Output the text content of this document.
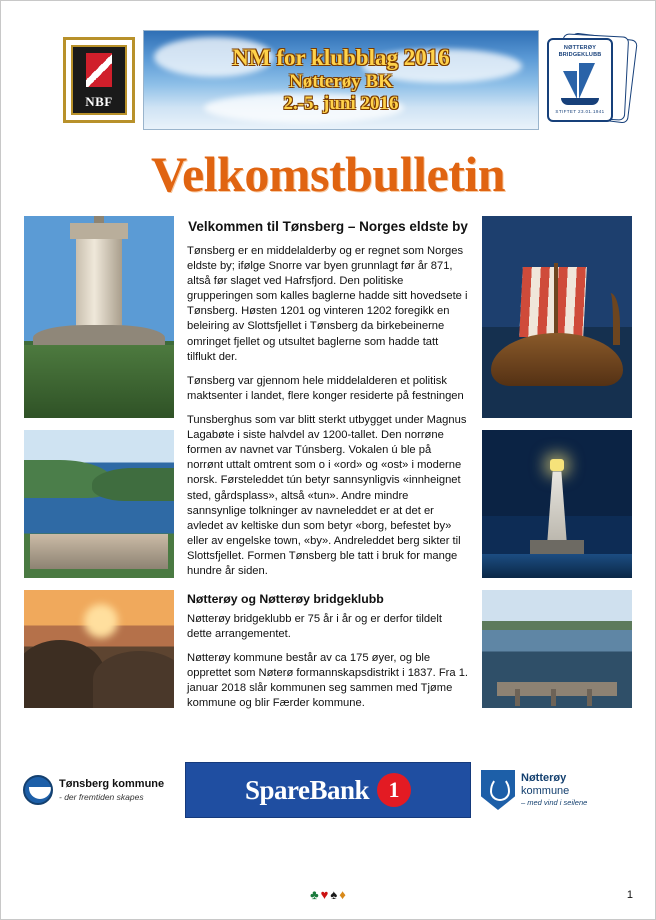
NBF
NM for klubblag 2016
Nøtterøy BK
2.-5. juni 2016
NØTTERØY BRIDGEKLUBB
STIFTET 23.01.1941
Velkomstbulletin
Velkommen til Tønsberg – Norges eldste by

Tønsberg er en middelalderby og er regnet som Norges eldste by; ifølge Snorre var byen grunnlagt før år 871, altså før slaget ved Hafrsfjord. Den politiske grupperingen som kalles baglerne hadde sitt hovedsete i Tønsberg. Høsten 1201 og vinteren 1202 foregikk en beleiring av Slottsfjellet i Tønsberg da birkebeinerne omringet fjellet og utsultet baglerne som hadde tatt tilflukt der.

Tønsberg var gjennom hele middelalderen et politisk maktsenter i landet, flere konger residerte på festningen

Tunsberghus som var blitt sterkt utbygget under Magnus Lagabøte i siste halvdel av 1200-tallet. Den norrøne formen av navnet var Túnsberg. Vokalen ú ble på norrønt uttalt omtrent som o i «ord» og «ost» i moderne norsk. Førsteleddet tún betyr sannsynligvis «innheignet sted, gårdsplass», altså «tun». Andre mindre sannsynlige tolkninger av navneleddet er at det er avledet av keltiske dun som betyr «borg, befestet by» eller av engelske town, «by». Andreleddet berg sikter til Slottsfjellet. Formen Tønsberg ble tatt i bruk for mange hundre år siden.

Nøtterøy og Nøtterøy bridgeklubb

Nøtterøy bridgeklubb er 75 år i år og er derfor tildelt dette arrangementet.

Nøtterøy kommune består av ca 175 øyer, og ble opprettet som Nøterø formannskapsdistrikt i 1837. Fra 1. januar 2018 slår kommunen seg sammen med Tjøme kommune og blir Færder kommune.

Tønsberg kommune
- der fremtiden skapes	SpareBank 1	Nøtterøy
kommune
– med vind i seilene
♣ ♥ ♠ ♦	1
